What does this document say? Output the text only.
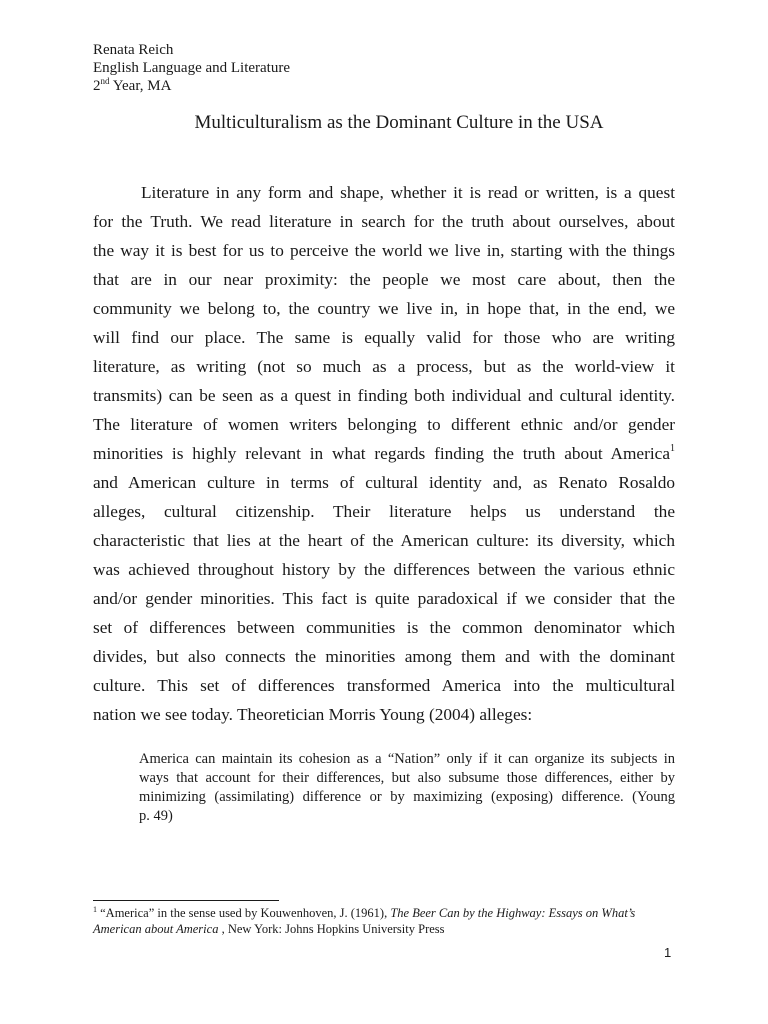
Renata Reich
English Language and Literature
2nd Year, MA
Multiculturalism as the Dominant Culture in the USA
Literature in any form and shape, whether it is read or written, is a quest
for the Truth. We read literature in search for the truth about ourselves, about
the way it is best for us to perceive the world we live in, starting with the things
that are in our near proximity: the people we most care about, then the
community we belong to, the country we live in, in hope that, in the end, we
will find our place. The same is equally valid for those who are writing
literature, as writing (not so much as a process, but as the world-view it
transmits) can be seen as a quest in finding both individual and cultural identity.
The literature of women writers belonging to different ethnic and/or gender
minorities is highly relevant in what regards finding the truth about America$^1$
and American culture in terms of cultural identity and, as Renato Rosaldo
alleges, cultural citizenship. Their literature helps us understand the
characteristic that lies at the heart of the American culture: its diversity, which
was achieved throughout history by the differences between the various ethnic
and/or gender minorities. This fact is quite paradoxical if we consider that the
set of differences between communities is the common denominator which
divides, but also connects the minorities among them and with the dominant
culture. This set of differences transformed America into the multicultural
nation we see today. Theoretician Morris Young (2004) alleges:
America can maintain its cohesion as a “Nation” only if it can organize its subjects in
ways that account for their differences, but also subsume those differences, either by
minimizing (assimilating) difference or by maximizing (exposing) difference. (Young
p. 49)
$^1$ “America” in the sense used by Kouwenhoven, J. (1961), The Beer Can by the Highway: Essays on What’s
American about America , New York: Johns Hopkins University Press
1
